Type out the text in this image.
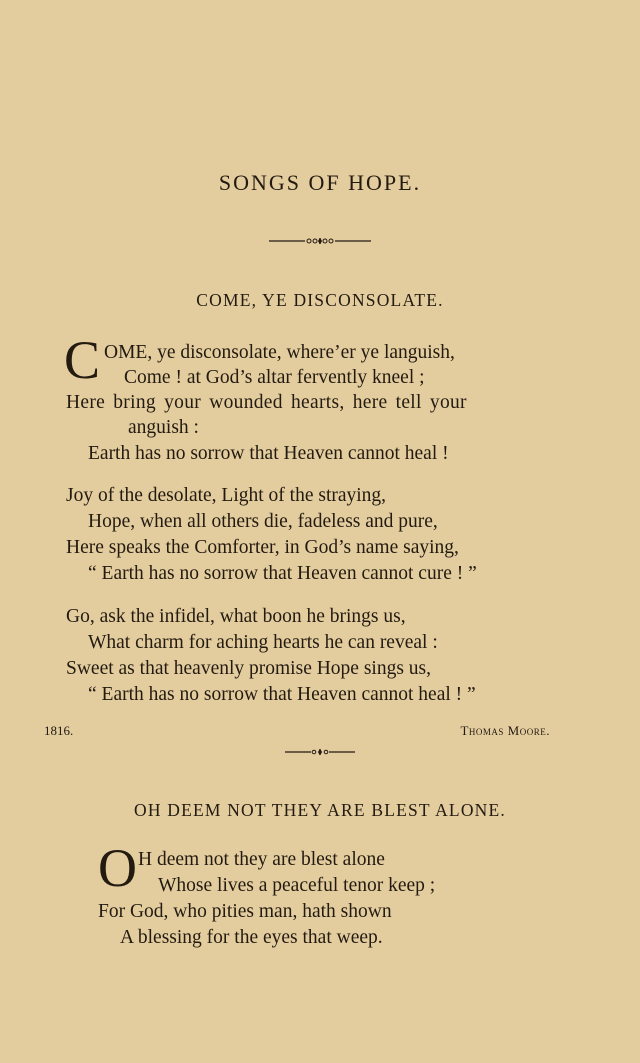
SONGS OF HOPE.
COME, YE DISCONSOLATE.
C OME, ye disconsolate, where’er ye languish,
Come ! at God’s altar fervently kneel ;
Here bring your wounded hearts, here tell your
anguish :
Earth has no sorrow that Heaven cannot heal !
Joy of the desolate, Light of the straying,
Hope, when all others die, fadeless and pure,
Here speaks the Comforter, in God’s name saying,
“ Earth has no sorrow that Heaven cannot cure ! ”
Go, ask the infidel, what boon he brings us,
What charm for aching hearts he can reveal :
Sweet as that heavenly promise Hope sings us,
“ Earth has no sorrow that Heaven cannot heal ! ”
1816.	Thomas Moore.
OH DEEM NOT THEY ARE BLEST ALONE.
O H deem not they are blest alone
Whose lives a peaceful tenor keep ;
For God, who pities man, hath shown
A blessing for the eyes that weep.
